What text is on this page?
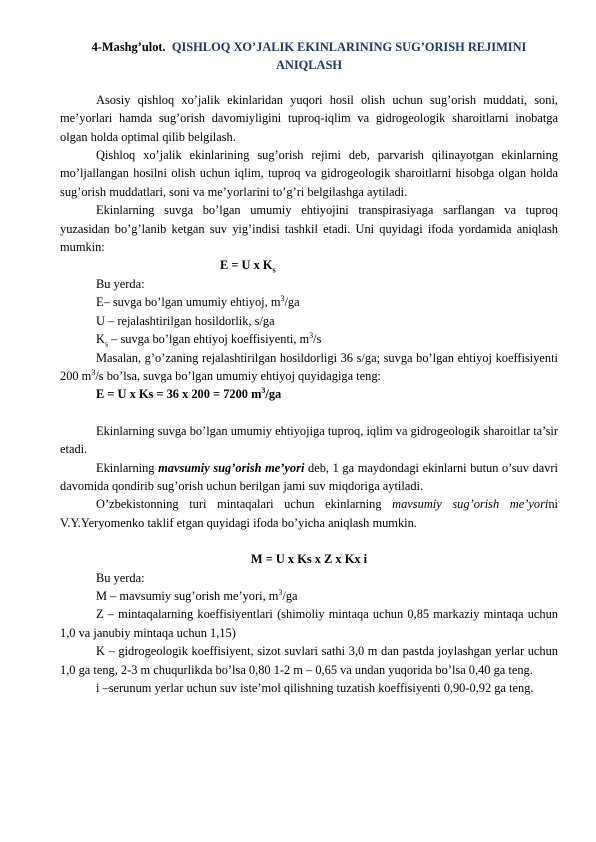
4-Mashg’ulot. QISHLOQ XO’JALIK EKINLARINING SUG’ORISH REJIMINI ANIQLASH

Asosiy qishloq xo’jalik ekinlaridan yuqori hosil olish uchun sug’orish muddati, soni, me’yorlari hamda sug’orish davomiyligini tuproq-iqlim va gidrogeologik sharoitlarni inobatga olgan holda optimal qilib belgilash.

Qishloq xo’jalik ekinlarining sug’orish rejimi deb, parvarish qilinayotgan ekinlarning mo’ljallangan hosilni olish uchun iqlim, tuproq va gidrogeologik sharoitlarni hisobga olgan holda sug’orish muddatlari, soni va me’yorlarini to’g’ri belgilashga aytiladi.

Ekinlarning suvga bo’lgan umumiy ehtiyojini transpirasiyaga sarflangan va tuproq yuzasidan bo’g’lanib ketgan suv yig’indisi tashkil etadi. Uni quyidagi ifoda yordamida aniqlash mumkin:

E = U x $K_s$

Bu yerda:

E– suvga bo’lgan umumiy ehtiyoj, $m^3/ga$

U – rejalashtirilgan hosildorlik, s/ga

$K_s$ – suvga bo’lgan ehtiyoj koeffisiyenti, $m^3/s$

Masalan, g’o’zaning rejalashtirilgan hosildorligi 36 s/ga; suvga bo’lgan ehtiyoj koeffisiyenti 200 $m^3/s$ bo’lsa, suvga bo’lgan umumiy ehtiyoj quyidagiga teng:

E = U x Ks = 36 x 200 = 7200 $m^3/ga$

Ekinlarning suvga bo’lgan umumiy ehtiyojiga tuproq, iqlim va gidrogeologik sharoitlar ta’sir etadi.

Ekinlarning mavsumiy sug’orish me’yori deb, 1 ga maydondagi ekinlarni butun o’suv davri davomida qondirib sug’orish uchun berilgan jami suv miqdoriga aytiladi.

O’zbekistonning turi mintaqalari uchun ekinlarning mavsumiy sug’orish me’yorini V.Y.Yeryomenko taklif etgan quyidagi ifoda bo’yicha aniqlash mumkin.

M = U x Ks x Z x Kx i

Bu yerda:

M – mavsumiy sug’orish me’yori, $m^3/ga$

Z – mintaqalarning koeffisiyentlari (shimoliy mintaqa uchun 0,85 markaziy mintaqa uchun 1,0 va janubiy mintaqa uchun 1,15)

K – gidrogeologik koeffisiyent, sizot suvlari sathi 3,0 m dan pastda joylashgan yerlar uchun 1,0 ga teng, 2-3 m chuqurlikda bo’lsa 0,80 1-2 m – 0,65 va undan yuqorida bo’lsa 0,40 ga teng.

i –serunum yerlar uchun suv iste’mol qilishning tuzatish koeffisiyenti 0,90-0,92 ga teng.
